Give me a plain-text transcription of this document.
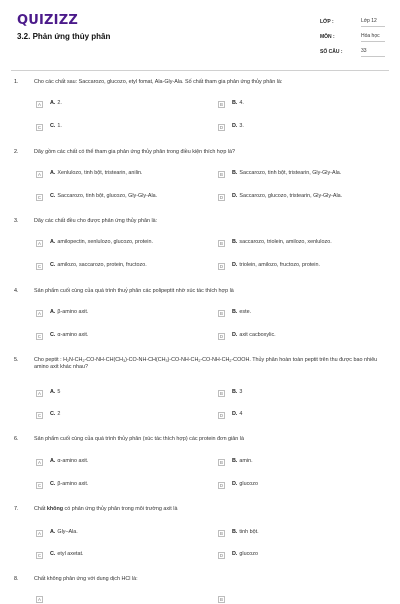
QUIZIZZ
3.2. Phản ứng thủy phân
LỚP :	Lớp 12
MÔN :	Hóa học
SỐ CÂU :	33
1.	Cho các chất sau: Saccarozo, glucozo, etyl fomat, Ala-Gly-Ala. Số chất tham gia phản ứng thủy phân là:
A	A. 2.	B	B. 4.
C	C. 1.	D	D. 3.
2.	Dãy gồm các chất có thể tham gia phản ứng thủy phân trong điều kiện thích hợp là?
A	A. Xenlulozo, tinh bột, tristearin, anilin.	B	B. Saccarozo, tinh bột, tristearin, Gly-Gly-Ala.
C	C. Saccarozo, tinh bột, glucozo, Gly-Gly-Ala.	D	D. Saccarozo, glucozo, tristearin, Gly-Gly-Ala.
3.	Dãy các chất đều cho được phản ứng thủy phân là:
A	A. amilopectin, xenlulozo, glucozo, protein.	B	B. saccarozo, triolein, amilozo, xenlulozo.
C	C. amilozo, saccarozo, protein, fructozo.	D	D. triolein, amilozo, fructozo, protein.
4.	Sản phẩm cuối cùng của quá trình thuỷ phân các polipeptit nhờ xúc tác thích hợp là
A	A. β-amino axit.	B	B. este.
C	C. α-amino axit.	D	D. axit cacboxylic.
5.	Cho peptit : $H_2N-CH_2-CO-NH-CH(CH_3)-CO-NH-CH(CH_3)-CO-NH-CH_2-CO-NH-CH_2$-COOH. Thủy phân hoàn toàn peptit trên thu được bao nhiêu amino axit khác nhau?
A	A. 5	B	B. 3
C	C. 2	D	D. 4
6.	Sản phẩm cuối cùng của quá trình thủy phân (xúc tác thích hợp) các protein đơn giản là
A	A. α-amino axit.	B	B. amin.
C	C. β-amino axit.	D	D. glucozo
7.	Chất không có phản ứng thủy phân trong môi trường axit là
A	A. Gly–Ala.	B	B. tinh bột.
C	C. etyl axetat.	D	D. glucozo
8.	Chất không phản ứng với dung dịch HCl là:
A	B
